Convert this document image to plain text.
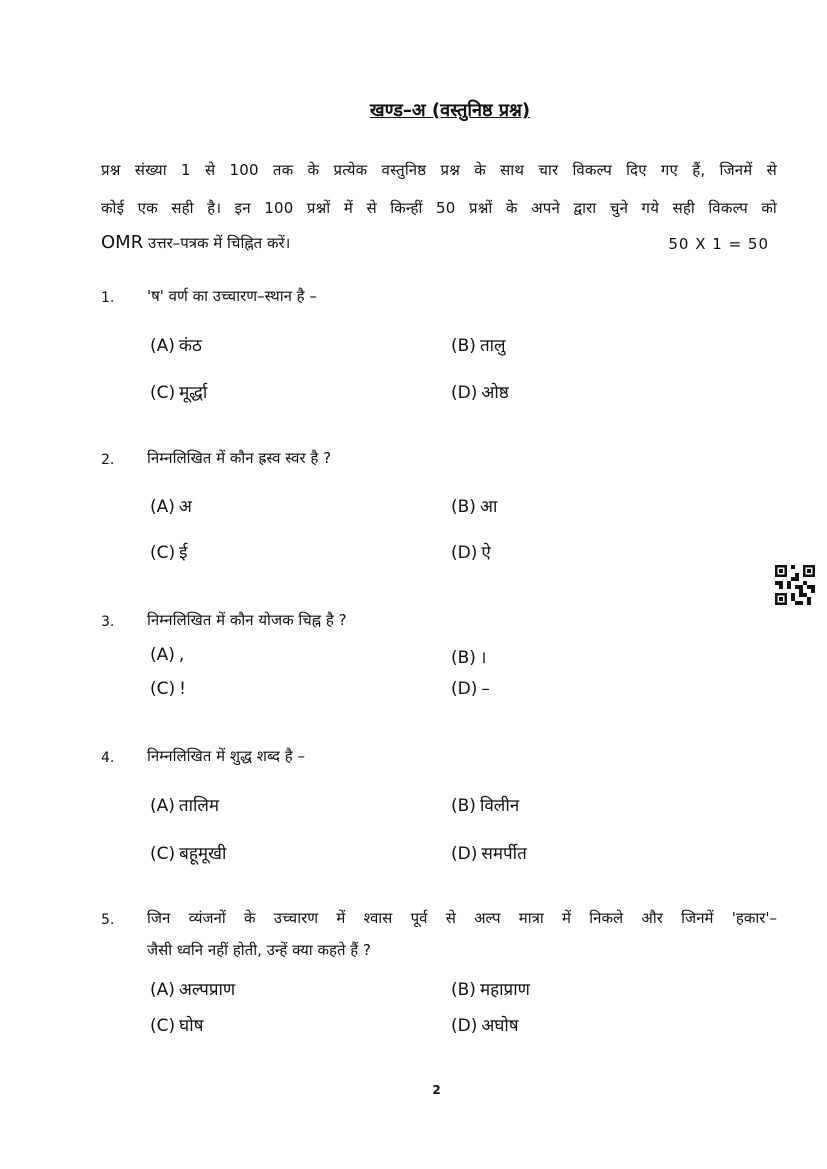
खण्ड–अ (वस्तुनिष्ठ प्रश्न)
प्रश्न संख्या 1 से 100 तक के प्रत्येक वस्तुनिष्ठ प्रश्न के साथ चार विकल्प दिए गए हैं, जिनमें से
कोई एक सही है। इन 100 प्रश्नों में से किन्हीं 50 प्रश्नों के अपने द्वारा चुने गये सही विकल्प को
OMR उत्तर–पत्रक में चिह्नित करें।	50 X 1 = 50
1. 'ष' वर्ण का उच्चारण–स्थान है –
(A) कंठ	(B) तालु
(C) मूर्द्धा	(D) ओष्ठ
2. निम्नलिखित में कौन ह्रस्व स्वर है ?
(A) अ	(B) आ
(C) ई	(D) ऐ
3. निम्नलिखित में कौन योजक चिह्न है ?
(A) ,	(B) ।
(C) !	(D) –
4. निम्नलिखित में शुद्ध शब्द है –
(A) तालिम	(B) विलीन
(C) बहूमूखी	(D) समर्पीत
5. जिन व्यंजनों के उच्चारण में श्वास पूर्व से अल्प मात्रा में निकले और जिनमें 'हकार'–
जैसी ध्वनि नहीं होती, उन्हें क्या कहते हैं ?
(A) अल्पप्राण	(B) महाप्राण
(C) घोष	(D) अघोष
2
